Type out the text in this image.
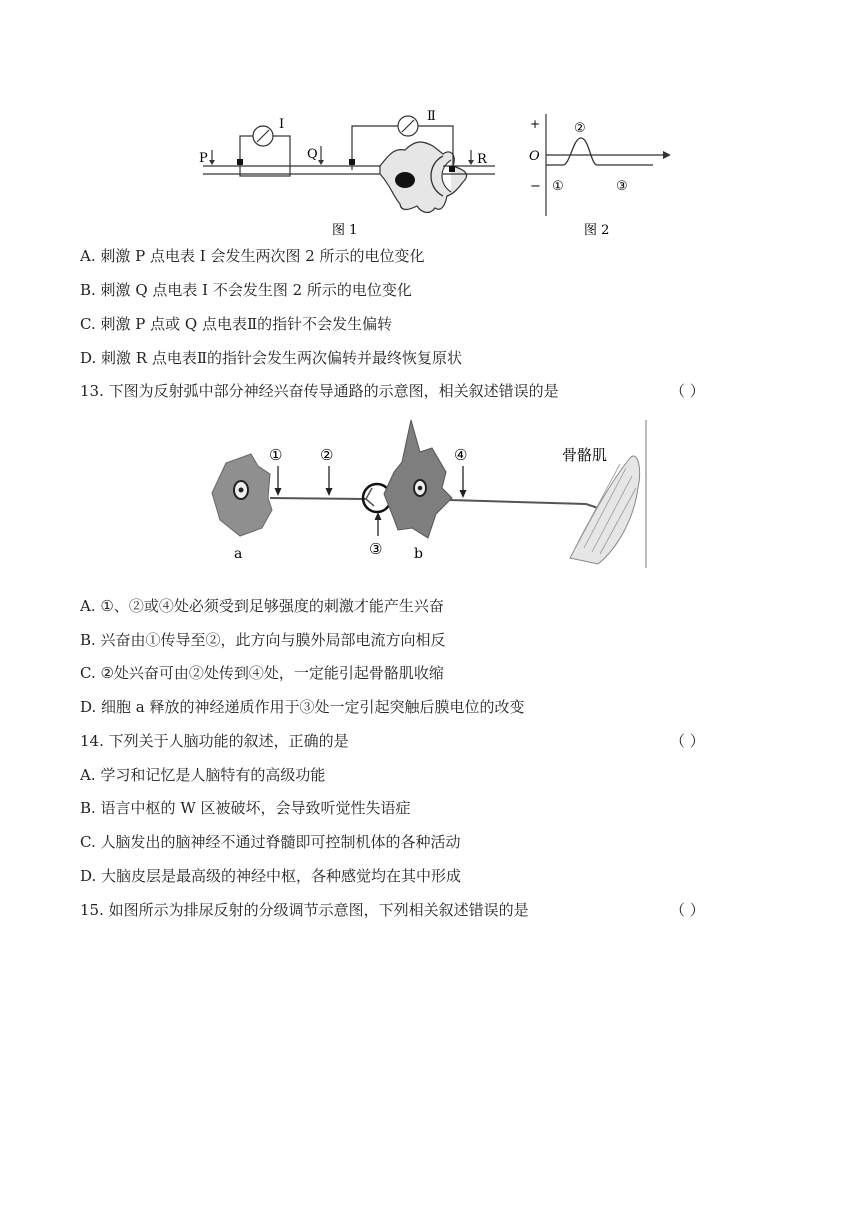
Ⅰ
Ⅱ
P	Q	R
图 1
+
O
−
②
①	③
图 2
A. 刺激 P 点电表 I 会发生两次图 2 所示的电位变化
B. 刺激 Q 点电表 I 不会发生图 2 所示的电位变化
C. 刺激 P 点或 Q 点电表Ⅱ的指针不会发生偏转
D. 刺激 R 点电表Ⅱ的指针会发生两次偏转并最终恢复原状
13. 下图为反射弧中部分神经兴奋传导通路的示意图，相关叙述错误的是	（ ）
a	b
骨骼肌
①	②	④
③
A. ①、②或④处必须受到足够强度的刺激才能产生兴奋
B. 兴奋由①传导至②，此方向与膜外局部电流方向相反
C. ②处兴奋可由②处传到④处，一定能引起骨骼肌收缩
D. 细胞 a 释放的神经递质作用于③处一定引起突触后膜电位的改变
14. 下列关于人脑功能的叙述，正确的是	（ ）
A. 学习和记忆是人脑特有的高级功能
B. 语言中枢的 W 区被破坏，会导致听觉性失语症
C. 人脑发出的脑神经不通过脊髓即可控制机体的各种活动
D. 大脑皮层是最高级的神经中枢，各种感觉均在其中形成
15. 如图所示为排尿反射的分级调节示意图，下列相关叙述错误的是	（ ）
